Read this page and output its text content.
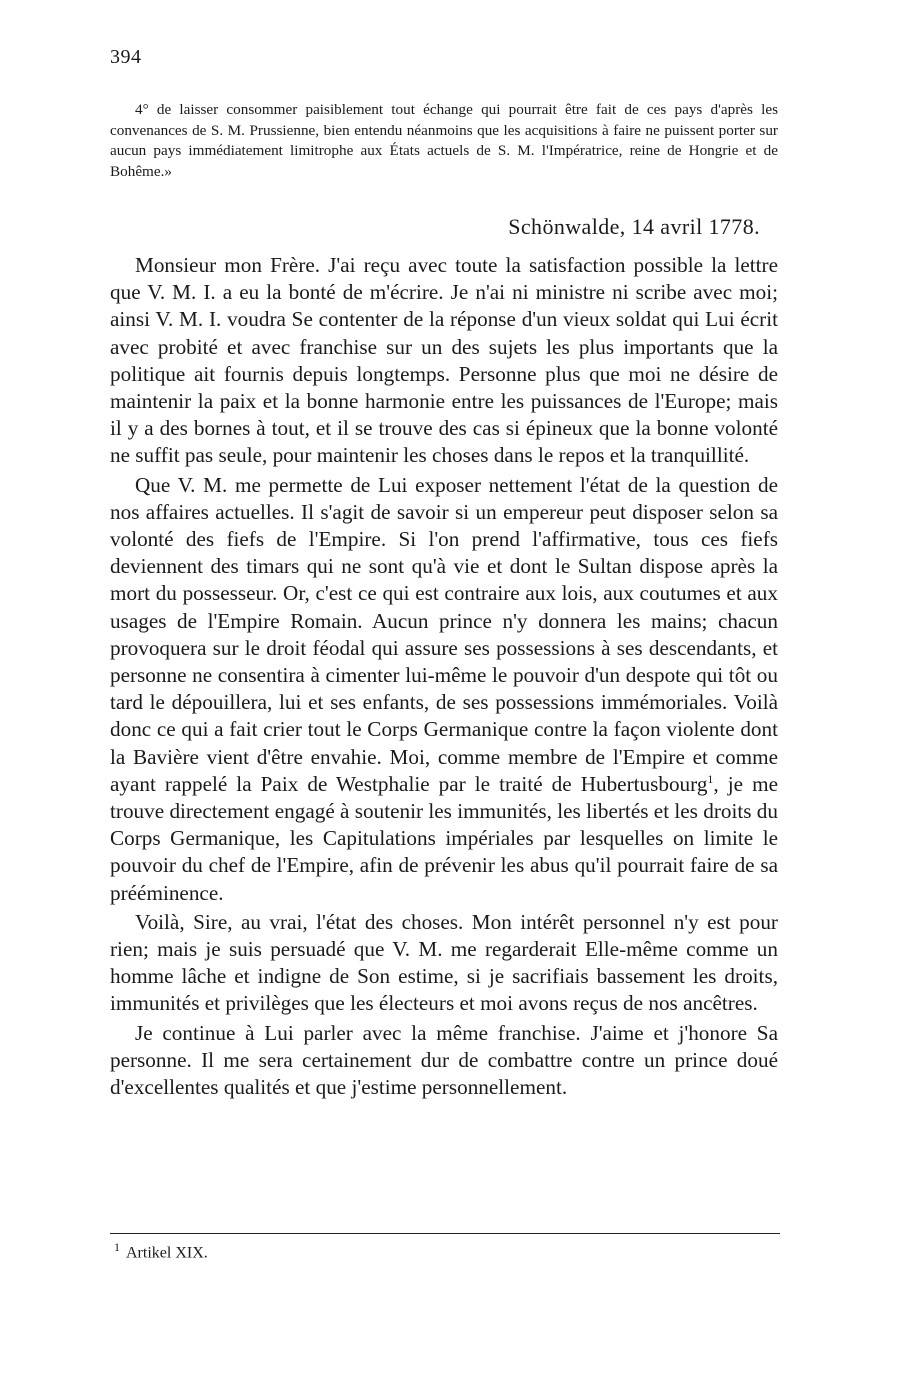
394

4° de laisser consommer paisiblement tout échange qui pourrait être fait de ces pays d'après les convenances de S. M. Prussienne, bien entendu néanmoins que les acquisitions à faire ne puissent porter sur aucun pays immédiatement limitrophe aux États actuels de S. M. l'Impératrice, reine de Hongrie et de Bohême.»

Schönwalde, 14 avril 1778.

Monsieur mon Frère. J'ai reçu avec toute la satisfaction possible la lettre que V. M. I. a eu la bonté de m'écrire. Je n'ai ni ministre ni scribe avec moi; ainsi V. M. I. voudra Se contenter de la réponse d'un vieux soldat qui Lui écrit avec probité et avec franchise sur un des sujets les plus importants que la politique ait fournis depuis longtemps. Personne plus que moi ne désire de maintenir la paix et la bonne harmonie entre les puissances de l'Europe; mais il y a des bornes à tout, et il se trouve des cas si épineux que la bonne volonté ne suffit pas seule, pour maintenir les choses dans le repos et la tranquillité.

Que V. M. me permette de Lui exposer nettement l'état de la question de nos affaires actuelles. Il s'agit de savoir si un empereur peut disposer selon sa volonté des fiefs de l'Empire. Si l'on prend l'affirmative, tous ces fiefs deviennent des timars qui ne sont qu'à vie et dont le Sultan dispose après la mort du possesseur. Or, c'est ce qui est contraire aux lois, aux coutumes et aux usages de l'Empire Romain. Aucun prince n'y donnera les mains; chacun provoquera sur le droit féodal qui assure ses possessions à ses descendants, et personne ne consentira à cimenter lui-même le pouvoir d'un despote qui tôt ou tard le dépouillera, lui et ses enfants, de ses possessions immémoriales. Voilà donc ce qui a fait crier tout le Corps Germanique contre la façon violente dont la Bavière vient d'être envahie. Moi, comme membre de l'Empire et comme ayant rappelé la Paix de Westphalie par le traité de Hubertusbourg$^1$, je me trouve directement engagé à soutenir les immunités, les libertés et les droits du Corps Germanique, les Capitulations impériales par lesquelles on limite le pouvoir du chef de l'Empire, afin de prévenir les abus qu'il pourrait faire de sa prééminence.

Voilà, Sire, au vrai, l'état des choses. Mon intérêt personnel n'y est pour rien; mais je suis persuadé que V. M. me regarderait Elle-même comme un homme lâche et indigne de Son estime, si je sacrifiais bassement les droits, immunités et privilèges que les électeurs et moi avons reçus de nos ancêtres.

Je continue à Lui parler avec la même franchise. J'aime et j'honore Sa personne. Il me sera certainement dur de combattre contre un prince doué d'excellentes qualités et que j'estime personnellement.

$^1$ Artikel XIX.
